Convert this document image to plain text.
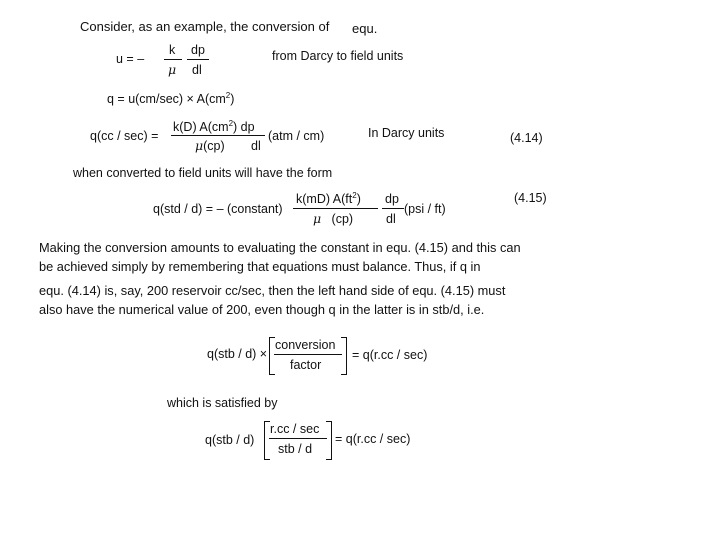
Consider, as an example, the conversion of equ.
u = –
k
μ
dp
dl
from Darcy to field units
$q = u(cm/\sec) \times A(cm^2)$
q(cc / sec) =
k(D) $A(cm^2)$ dp
μ(cp) dl
(atm / cm)	In Darcy units	(4.14)
when converted to field units will have the form
q(std / d) = – (constant)
k(mD) $A(ft^2)$
μ (cp)
dp
dl
(psi / ft)
(4.15)
Making the conversion amounts to evaluating the constant in equ. (4.15) and this can
be achieved simply by remembering that equations must balance. Thus, if q in
equ. (4.14) is, say, 200 reservoir cc/sec, then the left hand side of equ. (4.15) must
also have the numerical value of 200, even though q in the latter is in stb/d, i.e.
q(stb / d) ×
conversion
factor
= q(r.cc / sec)
which is satisfied by
q(stb / d)
r.cc / sec
stb / d
= q(r.cc / sec)
